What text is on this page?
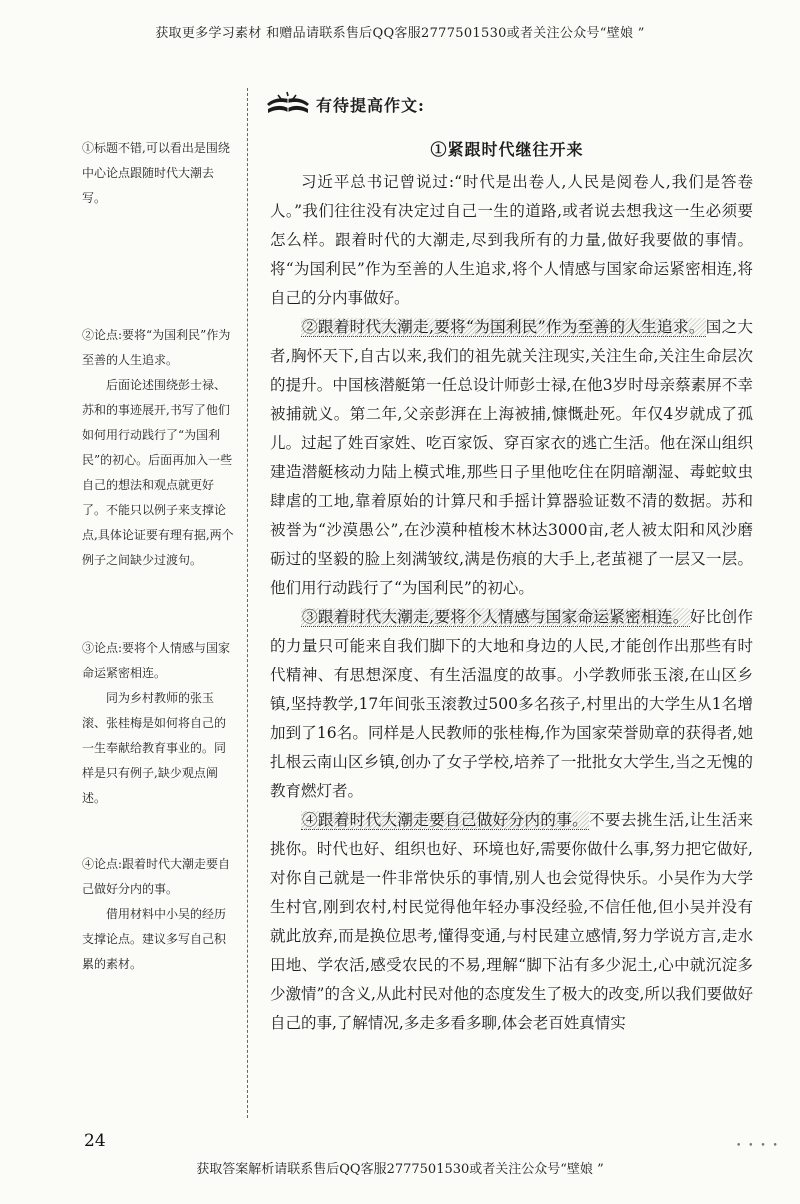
获取更多学习素材 和赠品请联系售后QQ客服2777501530或者关注公众号“壁娘 ”

①标题不错,可以看出是围绕中心论点跟随时代大潮去写。

②论点:要将“为国利民”作为至善的人生追求。

后面论述围绕彭士禄、苏和的事迹展开,书写了他们如何用行动践行了“为国利民”的初心。后面再加入一些自己的想法和观点就更好了。不能只以例子来支撑论点,具体论证要有理有据,两个例子之间缺少过渡句。

③论点:要将个人情感与国家命运紧密相连。

同为乡村教师的张玉滚、张桂梅是如何将自己的一生奉献给教育事业的。同样是只有例子,缺少观点阐述。

④论点:跟着时代大潮走要自己做好分内的事。

借用材料中小吴的经历支撑论点。建议多写自己积累的素材。

有待提高作文:
①紧跟时代继往开来

习近平总书记曾说过:“时代是出卷人,人民是阅卷人,我们是答卷人。”我们往往没有决定过自己一生的道路,或者说去想我这一生必须要怎么样。跟着时代的大潮走,尽到我所有的力量,做好我要做的事情。将“为国利民”作为至善的人生追求,将个人情感与国家命运紧密相连,将自己的分内事做好。

②跟着时代大潮走,要将“为国利民”作为至善的人生追求。国之大者,胸怀天下,自古以来,我们的祖先就关注现实,关注生命,关注生命层次的提升。中国核潜艇第一任总设计师彭士禄,在他3岁时母亲蔡素屏不幸被捕就义。第二年,父亲彭湃在上海被捕,慷慨赴死。年仅4岁就成了孤儿。过起了姓百家姓、吃百家饭、穿百家衣的逃亡生活。他在深山组织建造潜艇核动力陆上模式堆,那些日子里他吃住在阴暗潮湿、毒蛇蚊虫肆虐的工地,靠着原始的计算尺和手摇计算器验证数不清的数据。苏和被誉为“沙漠愚公”,在沙漠种植梭木林达3000亩,老人被太阳和风沙磨砺过的坚毅的脸上刻满皱纹,满是伤痕的大手上,老茧褪了一层又一层。他们用行动践行了“为国利民”的初心。

③跟着时代大潮走,要将个人情感与国家命运紧密相连。好比创作的力量只可能来自我们脚下的大地和身边的人民,才能创作出那些有时代精神、有思想深度、有生活温度的故事。小学教师张玉滚,在山区乡镇,坚持教学,17年间张玉滚教过500多名孩子,村里出的大学生从1名增加到了16名。同样是人民教师的张桂梅,作为国家荣誉勋章的获得者,她扎根云南山区乡镇,创办了女子学校,培养了一批批女大学生,当之无愧的教育燃灯者。

④跟着时代大潮走要自己做好分内的事。不要去挑生活,让生活来挑你。时代也好、组织也好、环境也好,需要你做什么事,努力把它做好,对你自己就是一件非常快乐的事情,别人也会觉得快乐。小吴作为大学生村官,刚到农村,村民觉得他年轻办事没经验,不信任他,但小吴并没有就此放弃,而是换位思考,懂得变通,与村民建立感情,努力学说方言,走水田地、学农活,感受农民的不易,理解“脚下沾有多少泥土,心中就沉淀多少激情”的含义,从此村民对他的态度发生了极大的改变,所以我们要做好自己的事,了解情况,多走多看多聊,体会老百姓真情实

24	• • • •
获取答案解析请联系售后QQ客服2777501530或者关注公众号“壁娘 ”
